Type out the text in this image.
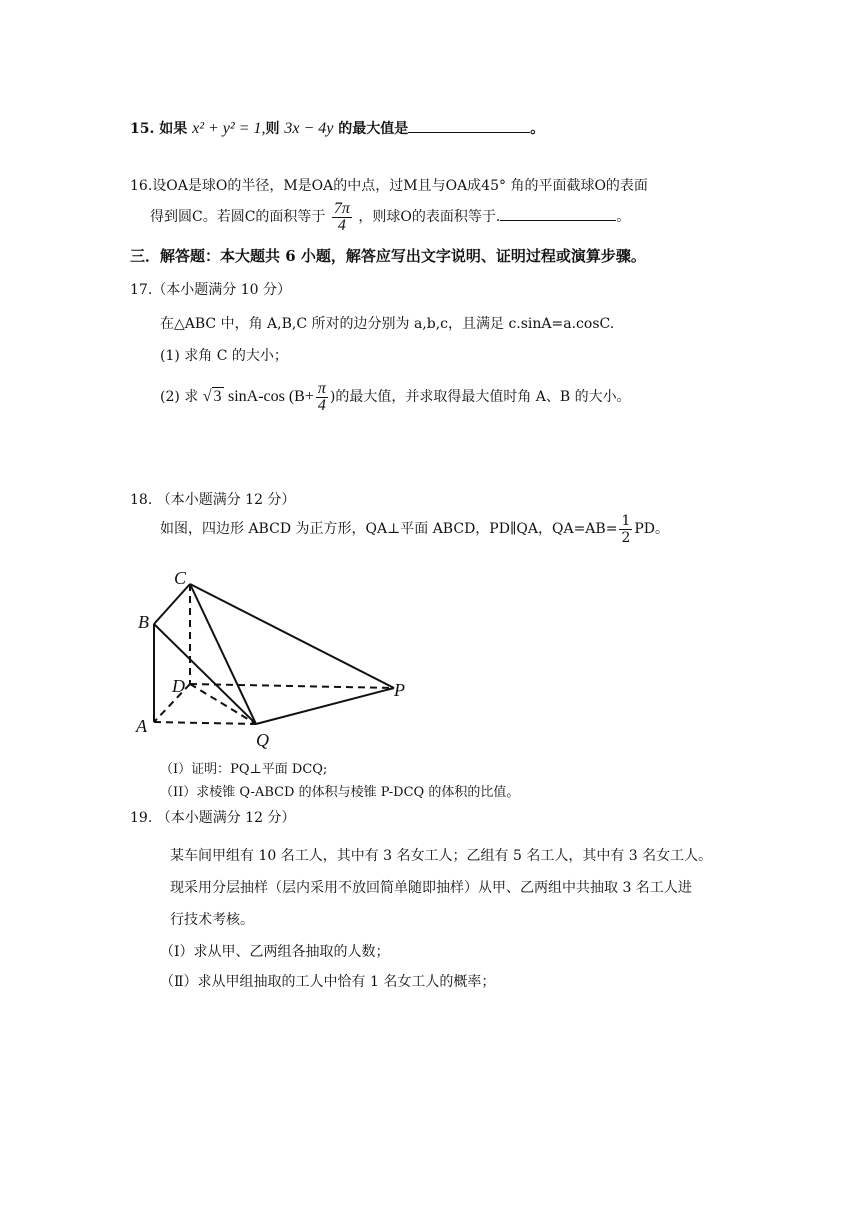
15. 如果 x² + y² = 1,则 3x − 4y 的最大值是	。
16.设OA是球O的半径，M是OA的中点，过M且与OA成45° 角的平面截球O的表面
得到圆C。若圆C的面积等于 $\frac{7\pi}{4}$ ，则球O的表面积等于.	。
三．解答题：本大题共 6 小题，解答应写出文字说明、证明过程或演算步骤。
17.（本小题满分 10 分）
在△ABC 中，角 A,B,C 所对的边分别为 a,b,c，且满足 c.sinA=a.cosC.
(1) 求角 C 的大小；
(2) 求 √ 3 sinA-cos ($B+ \frac{\pi}{4}$ )的最大值，并求取得最大值时角 A、B 的大小。
18. （本小题满分 12 分）
如图，四边形 ABCD 为正方形，QA⊥平面 ABCD，PD∥QA，$QA=AB= \frac{1}{2}$ PD。
C
B
D	P
A
Q
（I）证明：PQ⊥平面 DCQ;
（II）求棱锥 Q-ABCD 的体积与棱锥 P-DCQ 的体积的比值。
19. （本小题满分 12 分）
某车间甲组有 10 名工人，其中有 3 名女工人；乙组有 5 名工人，其中有 3 名女工人。
现采用分层抽样（层内采用不放回简单随即抽样）从甲、乙两组中共抽取 3 名工人进
行技术考核。
（Ⅰ）求从甲、乙两组各抽取的人数；
（Ⅱ）求从甲组抽取的工人中恰有 1 名女工人的概率；
